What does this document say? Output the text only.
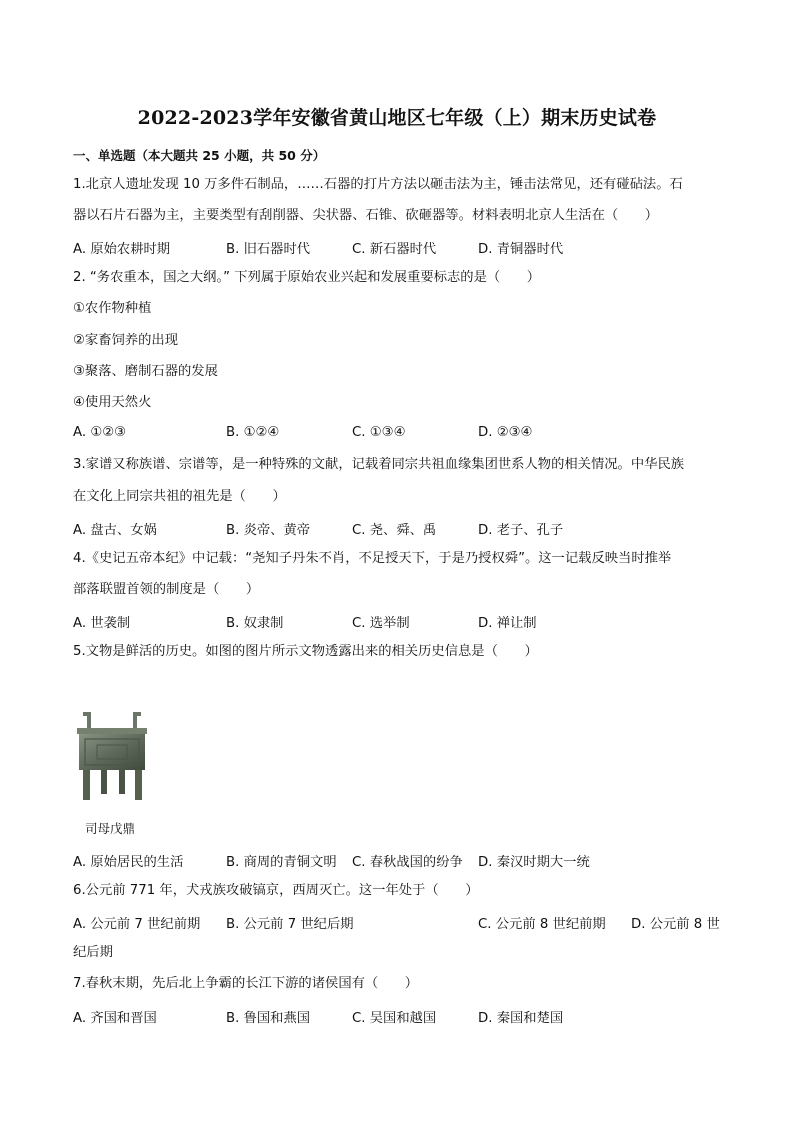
2022-2023学年安徽省黄山地区七年级（上）期末历史试卷
一、单选题（本大题共 25 小题，共 50 分）
1.北京人遗址发现 10 万多件石制品，……石器的打片方法以砸击法为主，锤击法常见，还有碰砧法。石
器以石片石器为主，主要类型有刮削器、尖状器、石锥、砍砸器等。材料表明北京人生活在（　　）
A. 原始农耕时期	B. 旧石器时代	C. 新石器时代	D. 青铜器时代
2. “务农重本，国之大纲。” 下列属于原始农业兴起和发展重要标志的是（　　）
①农作物种植
②家畜饲养的出现
③聚落、磨制石器的发展
④使用天然火
A. ①②③	B. ①②④	C. ①③④	D. ②③④
3.家谱又称族谱、宗谱等，是一种特殊的文献，记载着同宗共祖血缘集团世系人物的相关情况。中华民族
在文化上同宗共祖的祖先是（　　）
A. 盘古、女娲	B. 炎帝、黄帝	C. 尧、舜、禹	D. 老子、孔子
4.《史记五帝本纪》中记载：“尧知子丹朱不肖，不足授天下，于是乃授权舜”。这一记载反映当时推举
部落联盟首领的制度是（　　）
A. 世袭制	B. 奴隶制	C. 选举制	D. 禅让制
5.文物是鲜活的历史。如图的图片所示文物透露出来的相关历史信息是（　　）
司母戊鼎
A. 原始居民的生活	B. 商周的青铜文明 C. 春秋战国的纷争 D. 秦汉时期大一统
6.公元前 771 年，犬戎族攻破镐京，西周灭亡。这一年处于（　　）
A. 公元前 7 世纪前期 B. 公元前 7 世纪后期	C. 公元前 8 世纪前期 D. 公元前 8 世
纪后期
7.春秋末期，先后北上争霸的长江下游的诸侯国有（　　）
A. 齐国和晋国	B. 鲁国和燕国	C. 吴国和越国	D. 秦国和楚国
